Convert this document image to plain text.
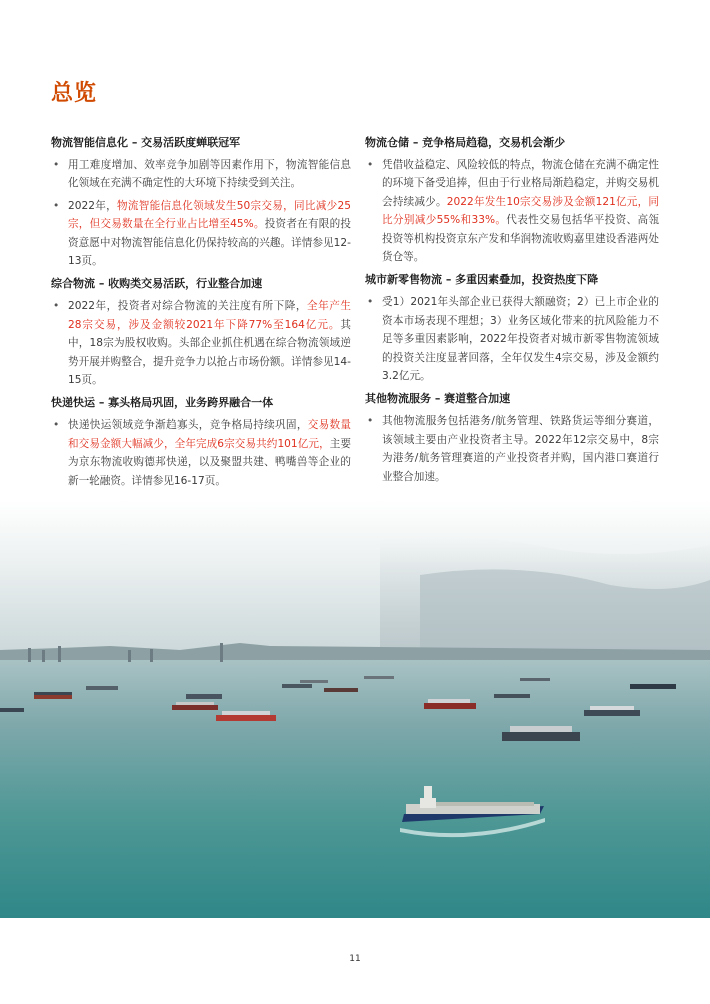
总览
物流智能信息化 – 交易活跃度蝉联冠军
• 用工难度增加、效率竞争加剧等因素作用下，物流智能信息化领域在充满不确定性的大环境下持续受到关注。
• 2022年，物流智能信息化领域发生50宗交易，同比减少25宗，但交易数量在全行业占比增至45%。投资者在有限的投资意愿中对物流智能信息化仍保持较高的兴趣。详情参见12-13页。
综合物流 – 收购类交易活跃，行业整合加速
• 2022年，投资者对综合物流的关注度有所下降，全年产生28宗交易，涉及金额较2021年下降77%至164亿元。其中，18宗为股权收购。头部企业抓住机遇在综合物流领域逆势开展并购整合，提升竞争力以抢占市场份额。详情参见14-15页。
快递快运 – 寡头格局巩固，业务跨界融合一体
• 快递快运领域竞争渐趋寡头，竞争格局持续巩固，交易数量和交易金额大幅减少，全年完成6宗交易共约101亿元，主要为京东物流收购德邦快递，以及聚盟共建、鸭嘴兽等企业的新一轮融资。详情参见16-17页。
物流仓储 – 竞争格局趋稳，交易机会渐少
• 凭借收益稳定、风险较低的特点，物流仓储在充满不确定性的环境下备受追捧，但由于行业格局渐趋稳定，并购交易机会持续减少。2022年发生10宗交易涉及金额121亿元，同比分别减少55%和33%。代表性交易包括华平投资、高瓴投资等机构投资京东产发和华润物流收购嘉里建设香港两处货仓等。
城市新零售物流 – 多重因素叠加，投资热度下降
• 受1）2021年头部企业已获得大额融资；2）已上市企业的资本市场表现不理想；3）业务区域化带来的抗风险能力不足等多重因素影响，2022年投资者对城市新零售物流领域的投资关注度显著回落，全年仅发生4宗交易，涉及金额约3.2亿元。
其他物流服务 – 赛道整合加速
• 其他物流服务包括港务/航务管理、铁路货运等细分赛道，该领域主要由产业投资者主导。2022年12宗交易中，8宗为港务/航务管理赛道的产业投资者并购，国内港口赛道行业整合加速。
11
